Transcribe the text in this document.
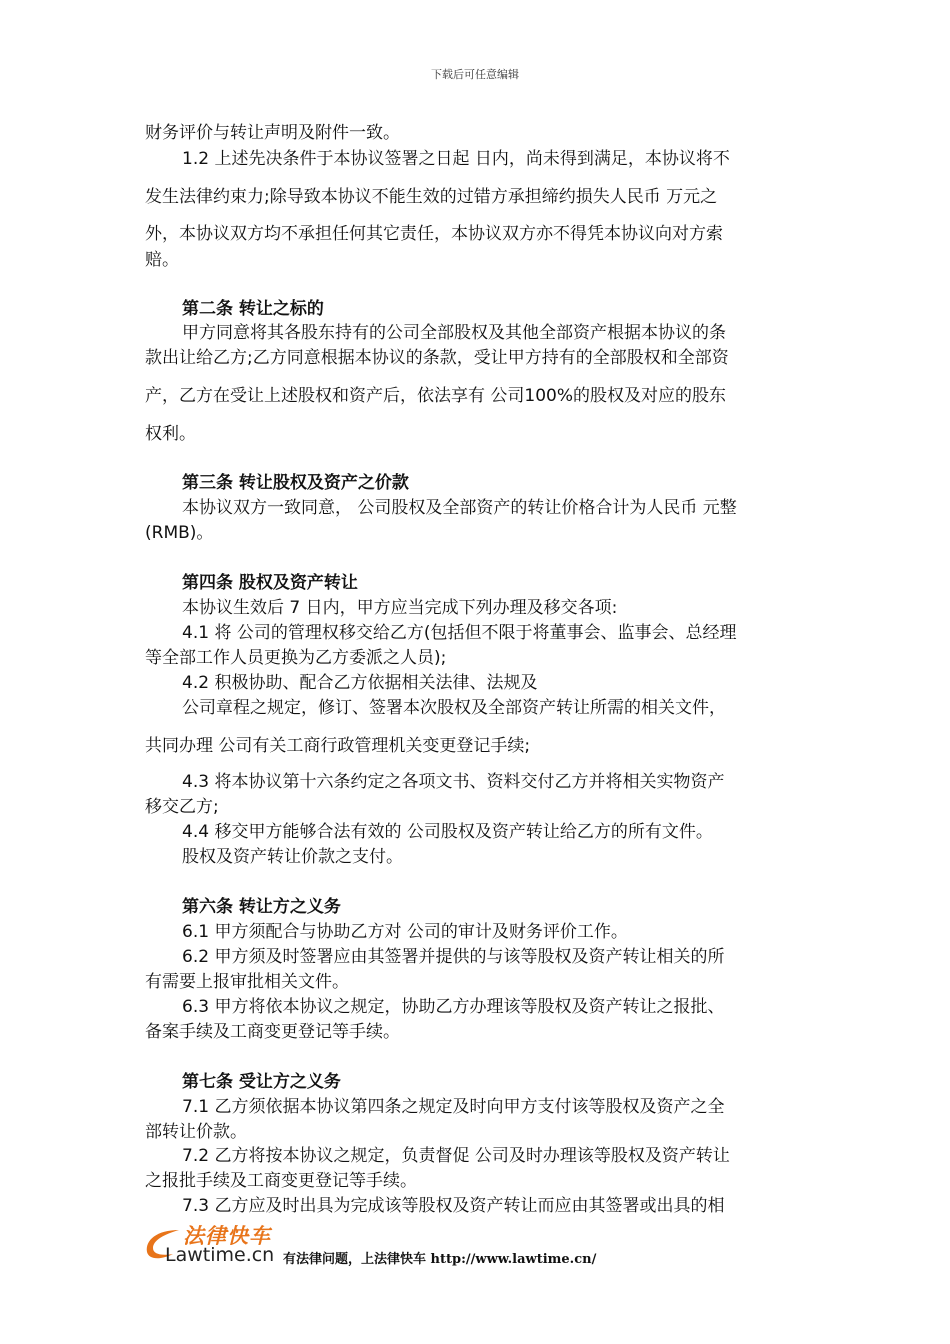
下载后可任意编辑
财务评价与转让声明及附件一致。
1.2 上述先决条件于本协议签署之日起 日内，尚未得到满足，本协议将不
发生法律约束力;除导致本协议不能生效的过错方承担缔约损失人民币 万元之
外，本协议双方均不承担任何其它责任，本协议双方亦不得凭本协议向对方索
赔。
第二条 转让之标的
甲方同意将其各股东持有的公司全部股权及其他全部资产根据本协议的条
款出让给乙方;乙方同意根据本协议的条款，受让甲方持有的全部股权和全部资
产，乙方在受让上述股权和资产后，依法享有 公司100%的股权及对应的股东
权利。
第三条 转让股权及资产之价款
本协议双方一致同意， 公司股权及全部资产的转让价格合计为人民币 元整
(RMB)。
第四条 股权及资产转让
本协议生效后 7 日内，甲方应当完成下列办理及移交各项:
4.1 将 公司的管理权移交给乙方(包括但不限于将董事会、监事会、总经理
等全部工作人员更换为乙方委派之人员);
4.2 积极协助、配合乙方依据相关法律、法规及
公司章程之规定，修订、签署本次股权及全部资产转让所需的相关文件，
共同办理 公司有关工商行政管理机关变更登记手续;
4.3 将本协议第十六条约定之各项文书、资料交付乙方并将相关实物资产
移交乙方;
4.4 移交甲方能够合法有效的 公司股权及资产转让给乙方的所有文件。
股权及资产转让价款之支付。
第六条 转让方之义务
6.1 甲方须配合与协助乙方对 公司的审计及财务评价工作。
6.2 甲方须及时签署应由其签署并提供的与该等股权及资产转让相关的所
有需要上报审批相关文件。
6.3 甲方将依本协议之规定，协助乙方办理该等股权及资产转让之报批、
备案手续及工商变更登记等手续。
第七条 受让方之义务
7.1 乙方须依据本协议第四条之规定及时向甲方支付该等股权及资产之全
部转让价款。
7.2 乙方将按本协议之规定，负责督促 公司及时办理该等股权及资产转让
之报批手续及工商变更登记等手续。
7.3 乙方应及时出具为完成该等股权及资产转让而应由其签署或出具的相
法律快车
Lawtime.cn 有法律问题，上法律快车 http://www.lawtime.cn/
